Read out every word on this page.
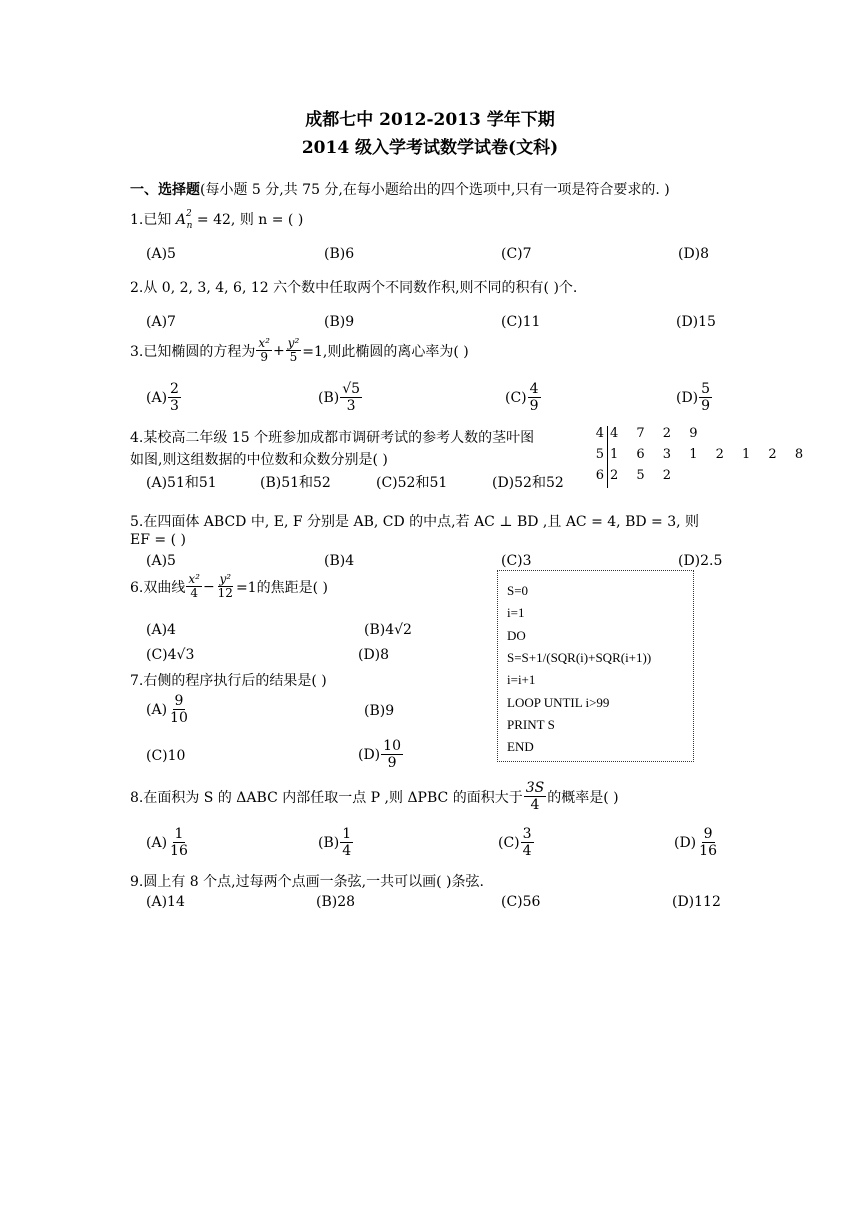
成都七中 2012-2013 学年下期
2014 级入学考试数学试卷(文科)
一、选择题(每小题 5 分,共 75 分,在每小题给出的四个选项中,只有一项是符合要求的. )
1.已知 $A^2_n = 42$, 则 n = ( )
(A)5	(B)6	(C)7	(D)8
2.从 0, 2, 3, 4, 6, 12 六个数中任取两个不同数作积,则不同的积有( )个.
(A)7	(B)9	(C)11	(D)15
3.已知椭圆的方程为 $\frac{\text{x²}}{9} + \frac{\text{y²}}{5} =1$,则此椭圆的离心率为( )
$(A) \frac{2}{3}$	$(B) \frac{√5}{3}$	$(C) \frac{4}{9}$	$(D) \frac{5}{9}$
4.某校高二年级 15 个班参加成都市调研考试的参考人数的茎叶图
如图,则这组数据的中位数和众数分别是( )
(A)51和51	(B)51和52	(C)52和51	(D)52和52
4 4 7 2 9
5 1 6 3 1 2 1 2 8
6 2 5 2
5.在四面体 ABCD 中, E, F 分别是 AB, CD 的中点,若 AC ⊥ BD ,且 AC = 4, BD = 3, 则
EF = ( )
(A)5	(B)4	(C)3	(D)2.5
6.双曲线 $\frac{\text{x²}}{4} - \frac{\text{y²}}{12} =1$的焦距是( )
(A)4	(B)4√2
(C)4√3	(D)8
7.右侧的程序执行后的结果是( )
$(A) \frac{9}{10}$	(B)9
(C)10	$(D) \frac{10}{9}$
S=0
i=1
DO
S=S+1/(SQR(i)+SQR(i+1))
i=i+1
LOOP UNTIL i>99
PRINT S
END
8.在面积为 S 的 ΔABC 内部任取一点 P ,则 ΔPBC 的面积大于 $\frac{3S}{4}$ 的概率是( )
$(A) \frac{1}{16}$	$(B) \frac{1}{4}$	$(C) \frac{3}{4}$	$(D) \frac{9}{16}$
9.圆上有 8 个点,过每两个点画一条弦,一共可以画( )条弦.
(A)14	(B)28	(C)56	(D)112
